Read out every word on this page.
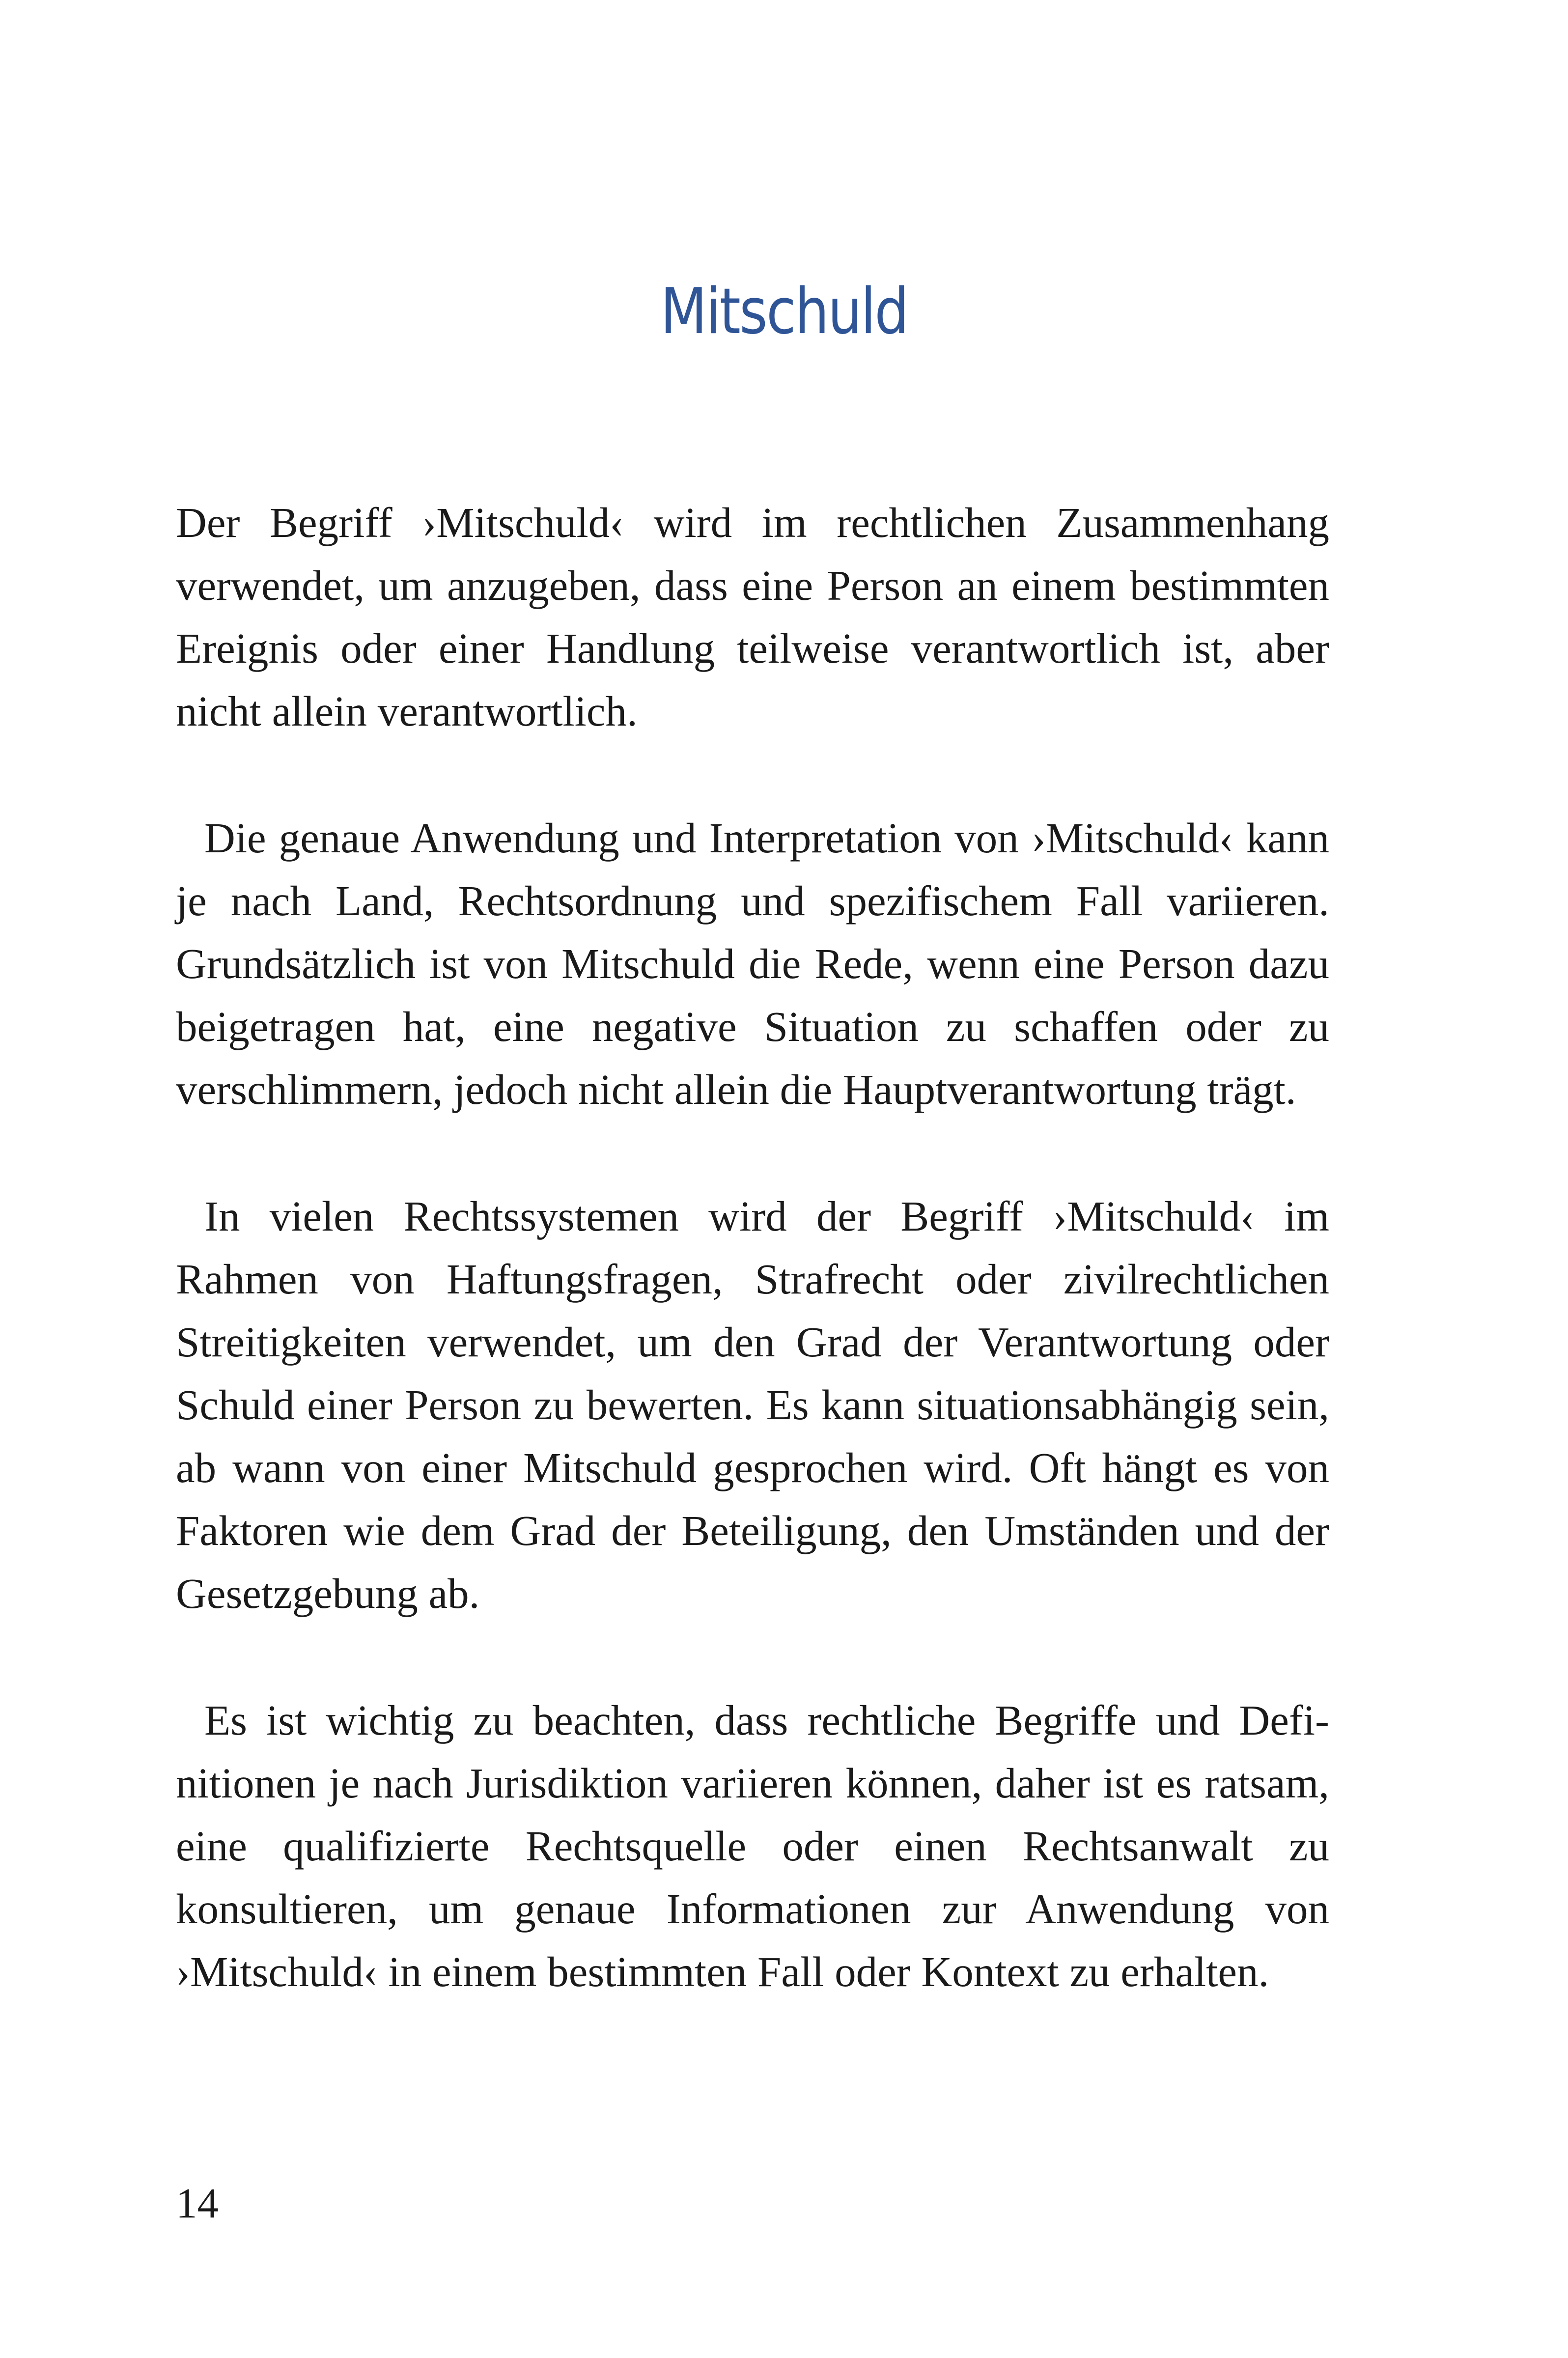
Mitschuld

Der Begriff ›Mitschuld‹ wird im rechtlichen Zusammenhang verwendet, um anzugeben, dass eine Person an einem bestimmten Ereignis oder einer Handlung teilweise verantwortlich ist, aber nicht allein verantwortlich.

Die genaue Anwendung und Interpretation von ›Mitschuld‹ kann je nach Land, Rechtsordnung und spezifischem Fall variieren. Grundsätzlich ist von Mitschuld die Rede, wenn eine Person dazu beigetragen hat, eine negative Situation zu schaffen oder zu verschlimmern, jedoch nicht allein die Hauptverantwortung trägt.

In vielen Rechtssystemen wird der Begriff ›Mitschuld‹ im Rahmen von Haftungsfragen, Strafrecht oder zivilrechtlichen Streitigkeiten verwendet, um den Grad der Verantwortung oder Schuld einer Person zu bewerten. Es kann situationsabhängig sein, ab wann von einer Mitschuld gesprochen wird. Oft hängt es von Faktoren wie dem Grad der Beteiligung, den Umständen und der Gesetzgebung ab.

Es ist wichtig zu beachten, dass rechtliche Begriffe und Definitionen je nach Jurisdiktion variieren können, daher ist es ratsam, eine qualifizierte Rechtsquelle oder einen Rechtsanwalt zu konsultieren, um genaue Informationen zur Anwendung von ›Mitschuld‹ in einem bestimmten Fall oder Kontext zu erhalten.

14
